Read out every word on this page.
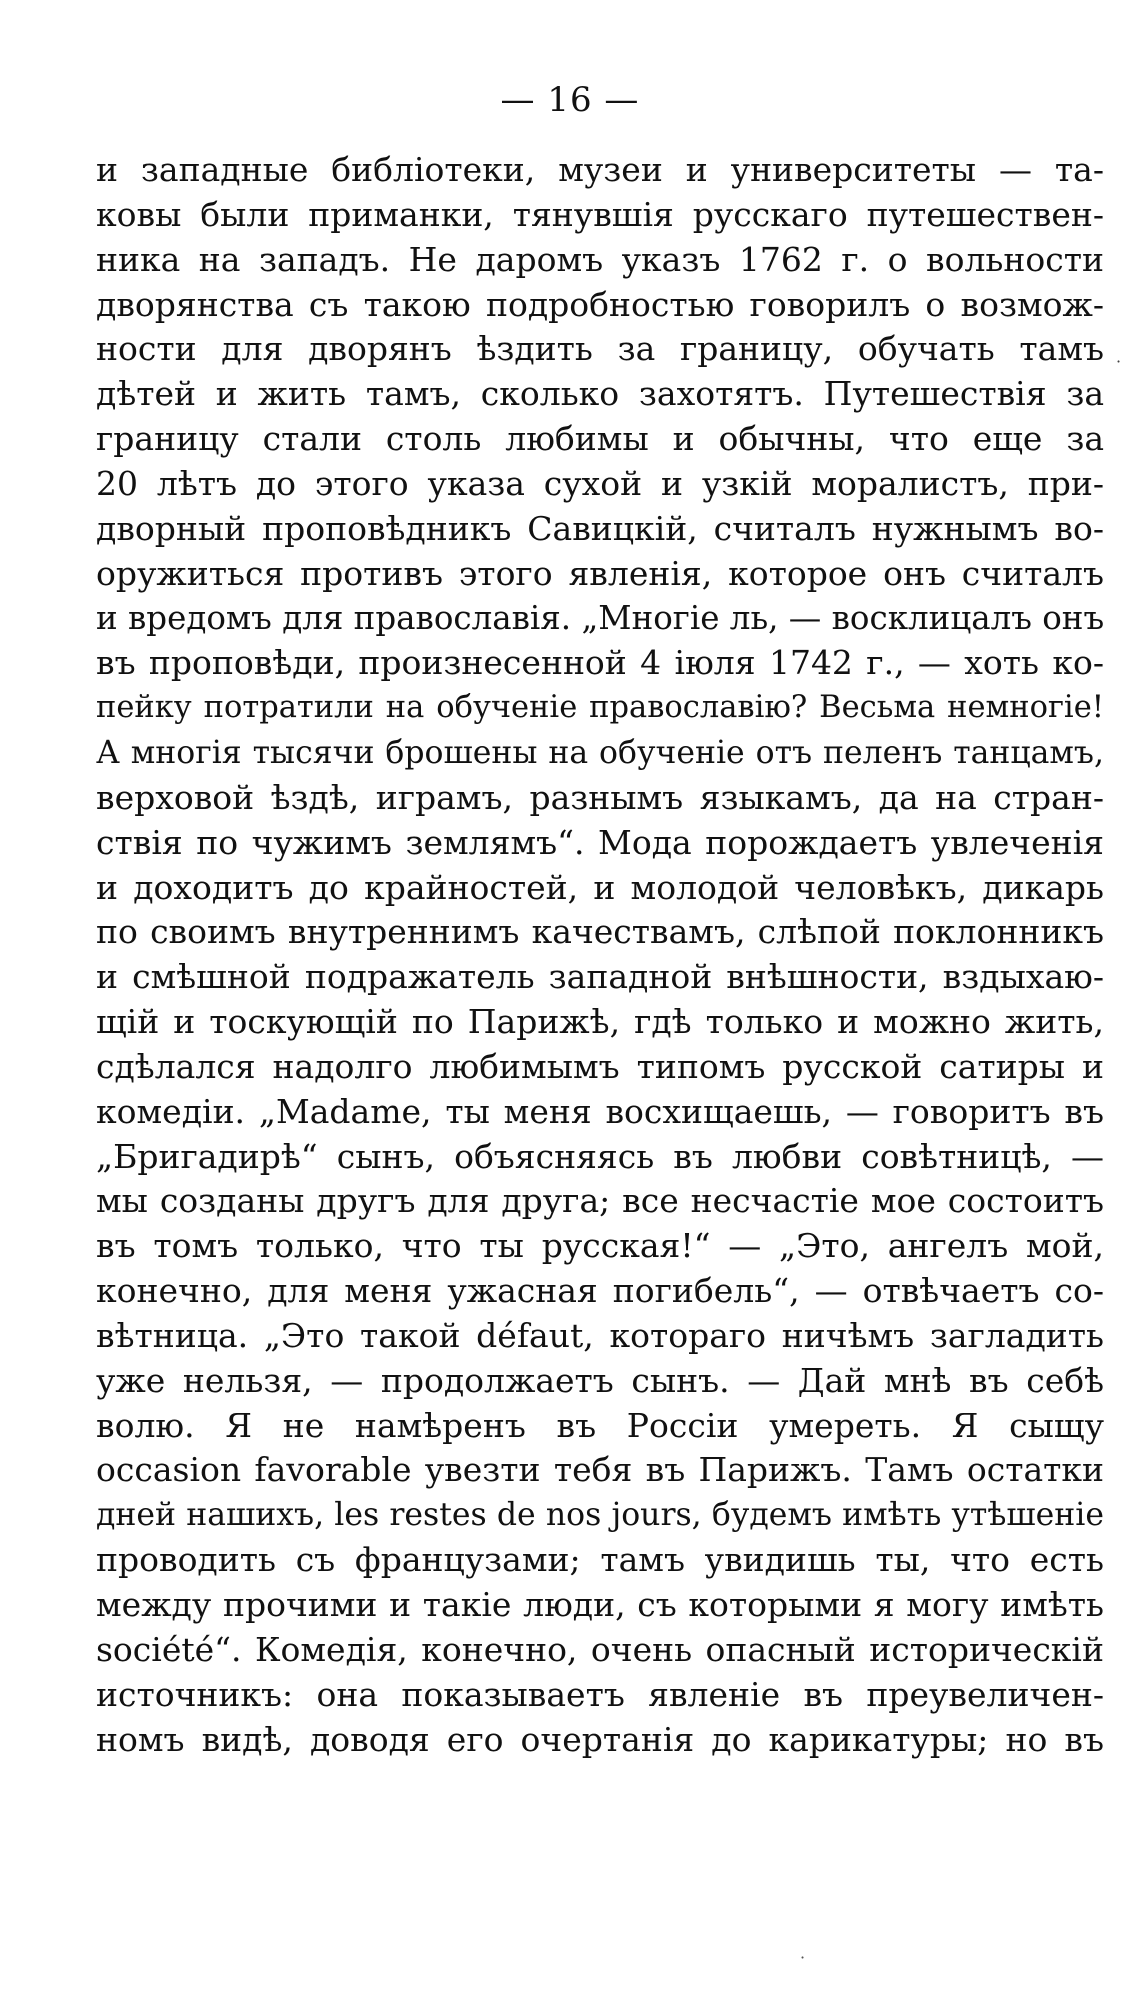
— 16 —
и западные библіотеки, музеи и университеты — та-
ковы были приманки, тянувшія русскаго путешествен-
ника на западъ. Не даромъ указъ 1762 г. о вольности
дворянства съ такою подробностью говорилъ о возмож-
ности для дворянъ ѣздить за границу, обучать тамъ
дѣтей и жить тамъ, сколько захотятъ. Путешествія за
границу стали столь любимы и обычны, что еще за
20 лѣтъ до этого указа сухой и узкій моралистъ, при-
дворный проповѣдникъ Савицкій, считалъ нужнымъ во-
оружиться противъ этого явленія, которое онъ считалъ
и вредомъ для православія. „Многіе ль, — восклицалъ онъ
въ проповѣди, произнесенной 4 іюля 1742 г., — хоть ко-
пейку потратили на обученіе православію? Весьма немногіе!
А многія тысячи брошены на обученіе отъ пеленъ танцамъ,
верховой ѣздѣ, играмъ, разнымъ языкамъ, да на стран-
ствія по чужимъ землямъ“. Мода порождаетъ увлеченія
и доходитъ до крайностей, и молодой человѣкъ, дикарь
по своимъ внутреннимъ качествамъ, слѣпой поклонникъ
и смѣшной подражатель западной внѣшности, вздыхаю-
щій и тоскующій по Парижѣ, гдѣ только и можно жить,
сдѣлался надолго любимымъ типомъ русской сатиры и
комедіи. „Madame, ты меня восхищаешь, — говоритъ въ
„Бригадирѣ“ сынъ, объясняясь въ любви совѣтницѣ, —
мы созданы другъ для друга; все несчастіе мое состоитъ
въ томъ только, что ты русская!“ — „Это, ангелъ мой,
конечно, для меня ужасная погибель“, — отвѣчаетъ со-
вѣтница. „Это такой défaut, котораго ничѣмъ загладить
уже нельзя, — продолжаетъ сынъ. — Дай мнѣ въ себѣ
волю. Я не намѣренъ въ Россіи умереть. Я сыщу
occasion favorable увезти тебя въ Парижъ. Тамъ остатки
дней нашихъ, les restes de nos jours, будемъ имѣть утѣшеніе
проводить съ французами; тамъ увидишь ты, что есть
между прочими и такіе люди, съ которыми я могу имѣть
société“. Комедія, конечно, очень опасный историческій
источникъ: она показываетъ явленіе въ преувеличен-
номъ видѣ, доводя его очертанія до карикатуры; но въ
·
·
